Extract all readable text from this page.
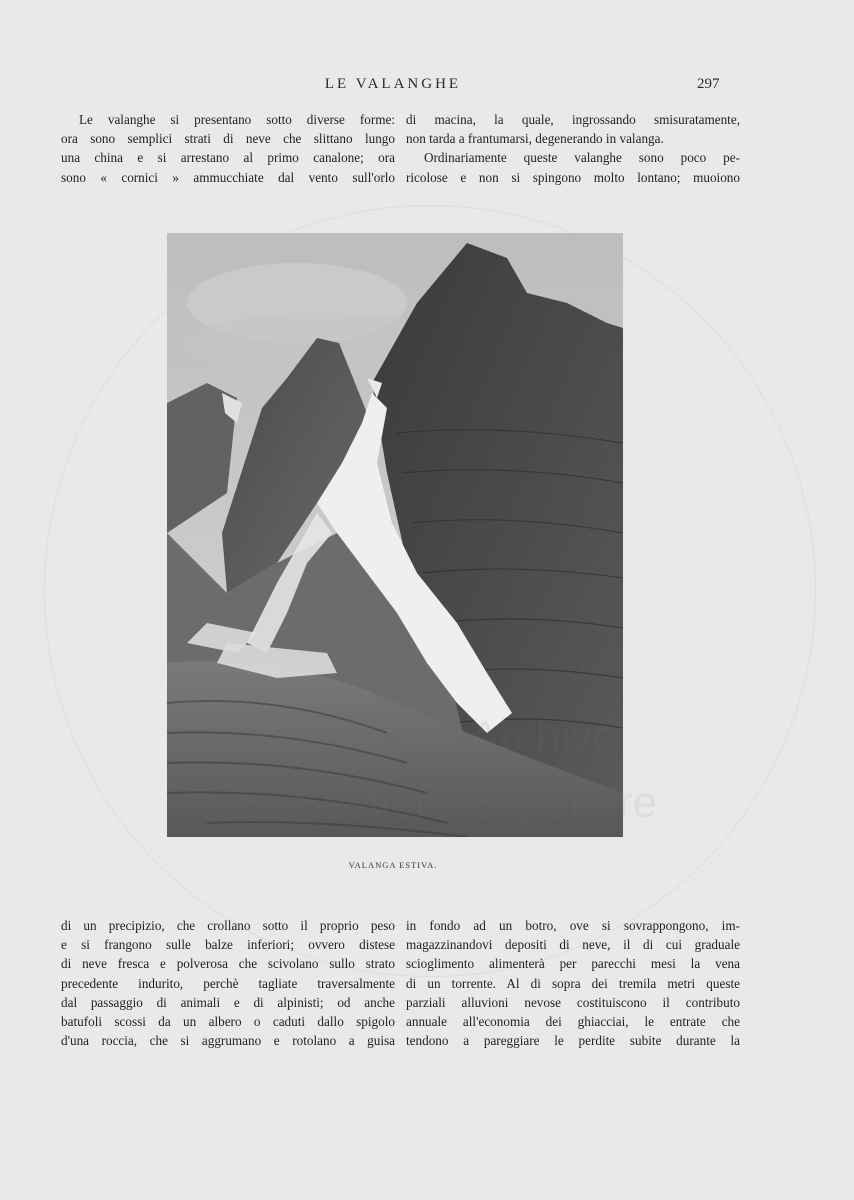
LE VALANGHE	297

Le valanghe si presentano sotto diverse forme:

ora sono semplici strati di neve che slittano lungo

una china e si arrestano al primo canalone; ora

sono « cornici » ammucchiate dal vento sull'orlo

di macina, la quale, ingrossando smisuratamente,

non tarda a frantumarsi, degenerando in valanga.

Ordinariamente queste valanghe sono poco pe-

ricolose e non si spingono molto lontano; muoiono

VALANGA ESTIVA.

di un precipizio, che crollano sotto il proprio peso

e si frangono sulle balze inferiori; ovvero distese

di neve fresca e polverosa che scivolano sullo strato

precedente indurito, perchè tagliate traversalmente

dal passaggio di animali e di alpinisti; od anche

batufoli scossi da un albero o caduti dallo spigolo

d'una roccia, che si aggrumano e rotolano a guisa

in fondo ad un botro, ove si sovrappongono, im-

magazzinandovi depositi di neve, il di cui graduale

scioglimento alimenterà per parecchi mesi la vena

di un torrente. Al di sopra dei tremila metri queste

parziali alluvioni nevose costituiscono il contributo

annuale all'economia dei ghiacciai, le entrate che

tendono a pareggiare le perdite subite durante la
